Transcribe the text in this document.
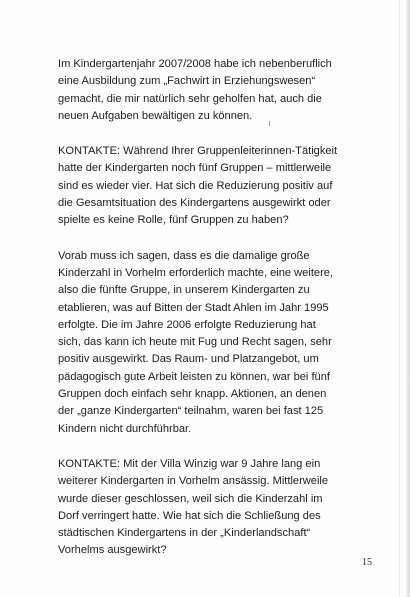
Im Kindergartenjahr 2007/2008 habe ich nebenberuflich
eine Ausbildung zum „Fachwirt in Erziehungswesen“
gemacht, die mir natürlich sehr geholfen hat, auch die
neuen Aufgaben bewältigen zu können.

KONTAKTE: Während Ihrer Gruppenleiterinnen-Tätigkeit
hatte der Kindergarten noch fünf Gruppen – mittlerweile
sind es wieder vier. Hat sich die Reduzierung positiv auf
die Gesamtsituation des Kindergartens ausgewirkt oder
spielte es keine Rolle, fünf Gruppen zu haben?

Vorab muss ich sagen, dass es die damalige große
Kinderzahl in Vorhelm erforderlich machte, eine weitere,
also die fünfte Gruppe, in unserem Kindergarten zu
etablieren, was auf Bitten der Stadt Ahlen im Jahr 1995
erfolgte. Die im Jahre 2006 erfolgte Reduzierung hat
sich, das kann ich heute mit Fug und Recht sagen, sehr
positiv ausgewirkt. Das Raum- und Platzangebot, um
pädagogisch gute Arbeit leisten zu können, war bei fünf
Gruppen doch einfach sehr knapp. Aktionen, an denen
der „ganze Kindergarten“ teilnahm, waren bei fast 125
Kindern nicht durchführbar.

KONTAKTE: Mit der Villa Winzig war 9 Jahre lang ein
weiterer Kindergarten in Vorhelm ansässig. Mittlerweile
wurde dieser geschlossen, weil sich die Kinderzahl im
Dorf verringert hatte. Wie hat sich die Schließung des
städtischen Kindergartens in der „Kinderlandschaft“
Vorhelms ausgewirkt?

15
